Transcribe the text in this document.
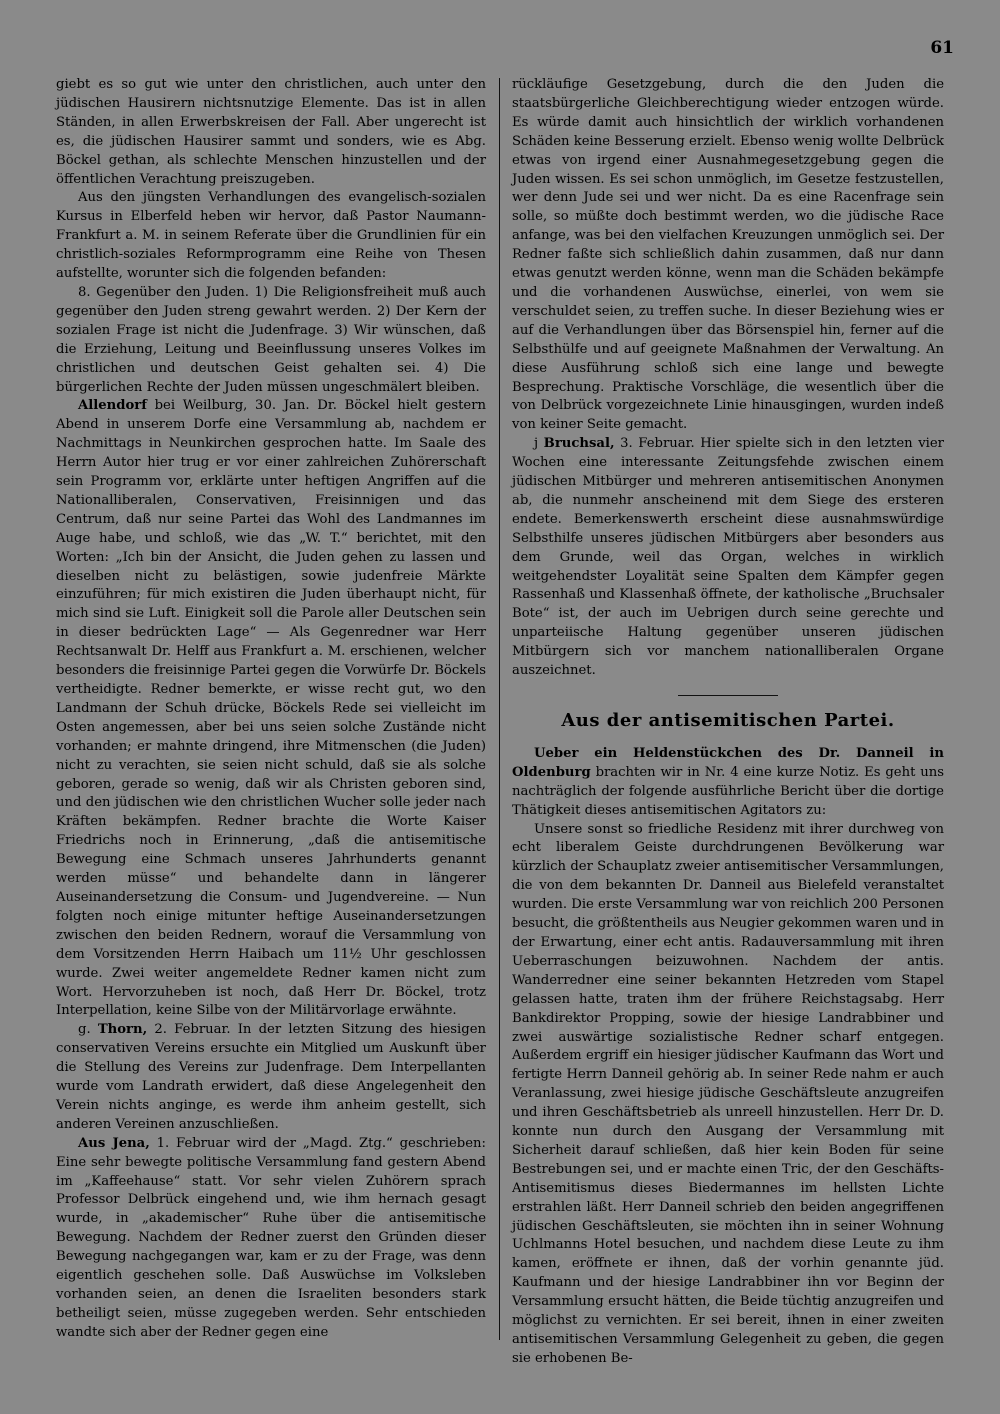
61

giebt es so gut wie unter den christlichen, auch unter den jüdischen Hausirern nichtsnutzige Elemente. Das ist in allen Ständen, in allen Erwerbskreisen der Fall. Aber ungerecht ist es, die jüdischen Hausirer sammt und sonders, wie es Abg. Böckel gethan, als schlechte Menschen hinzustellen und der öffentlichen Verachtung preiszugeben.

Aus den jüngsten Verhandlungen des evangelisch-sozialen Kursus in Elberfeld heben wir hervor, daß Pastor Naumann-Frankfurt a. M. in seinem Referate über die Grundlinien für ein christlich-soziales Reformprogramm eine Reihe von Thesen aufstellte, worunter sich die folgenden befanden:

8. Gegenüber den Juden. 1) Die Religionsfreiheit muß auch gegenüber den Juden streng gewahrt werden. 2) Der Kern der sozialen Frage ist nicht die Judenfrage. 3) Wir wünschen, daß die Erziehung, Leitung und Beeinflussung unseres Volkes im christlichen und deutschen Geist gehalten sei. 4) Die bürgerlichen Rechte der Juden müssen ungeschmälert bleiben.

Allendorf bei Weilburg, 30. Jan. Dr. Böckel hielt gestern Abend in unserem Dorfe eine Versammlung ab, nachdem er Nachmittags in Neunkirchen gesprochen hatte. Im Saale des Herrn Autor hier trug er vor einer zahlreichen Zuhörerschaft sein Programm vor, erklärte unter heftigen Angriffen auf die Nationalliberalen, Conservativen, Freisinnigen und das Centrum, daß nur seine Partei das Wohl des Landmannes im Auge habe, und schloß, wie das „W. T.“ berichtet, mit den Worten: „Ich bin der Ansicht, die Juden gehen zu lassen und dieselben nicht zu belästigen, sowie judenfreie Märkte einzuführen; für mich existiren die Juden überhaupt nicht, für mich sind sie Luft. Einigkeit soll die Parole aller Deutschen sein in dieser bedrückten Lage“ — Als Gegenredner war Herr Rechtsanwalt Dr. Helff aus Frankfurt a. M. erschienen, welcher besonders die freisinnige Partei gegen die Vorwürfe Dr. Böckels vertheidigte. Redner bemerkte, er wisse recht gut, wo den Landmann der Schuh drücke, Böckels Rede sei vielleicht im Osten angemessen, aber bei uns seien solche Zustände nicht vorhanden; er mahnte dringend, ihre Mitmenschen (die Juden) nicht zu verachten, sie seien nicht schuld, daß sie als solche geboren, gerade so wenig, daß wir als Christen geboren sind, und den jüdischen wie den christlichen Wucher solle jeder nach Kräften bekämpfen. Redner brachte die Worte Kaiser Friedrichs noch in Erinnerung, „daß die antisemitische Bewegung eine Schmach unseres Jahrhunderts genannt werden müsse“ und behandelte dann in längerer Auseinandersetzung die Consum- und Jugendvereine. — Nun folgten noch einige mitunter heftige Auseinandersetzungen zwischen den beiden Rednern, worauf die Versammlung von dem Vorsitzenden Herrn Haibach um 11½ Uhr geschlossen wurde. Zwei weiter angemeldete Redner kamen nicht zum Wort. Hervorzuheben ist noch, daß Herr Dr. Böckel, trotz Interpellation, keine Silbe von der Militärvorlage erwähnte.

g. Thorn, 2. Februar. In der letzten Sitzung des hiesigen conservativen Vereins ersuchte ein Mitglied um Auskunft über die Stellung des Vereins zur Judenfrage. Dem Interpellanten wurde vom Landrath erwidert, daß diese Angelegenheit den Verein nichts anginge, es werde ihm anheim gestellt, sich anderen Vereinen anzuschließen.

Aus Jena, 1. Februar wird der „Magd. Ztg.“ geschrieben: Eine sehr bewegte politische Versammlung fand gestern Abend im „Kaffeehause“ statt. Vor sehr vielen Zuhörern sprach Professor Delbrück eingehend und, wie ihm hernach gesagt wurde, in „akademischer“ Ruhe über die antisemitische Bewegung. Nachdem der Redner zuerst den Gründen dieser Bewegung nachgegangen war, kam er zu der Frage, was denn eigentlich geschehen solle. Daß Auswüchse im Volksleben vorhanden seien, an denen die Israeliten besonders stark betheiligt seien, müsse zugegeben werden. Sehr entschieden wandte sich aber der Redner gegen eine

rückläufige Gesetzgebung, durch die den Juden die staatsbürgerliche Gleichberechtigung wieder entzogen würde. Es würde damit auch hinsichtlich der wirklich vorhandenen Schäden keine Besserung erzielt. Ebenso wenig wollte Delbrück etwas von irgend einer Ausnahmegesetzgebung gegen die Juden wissen. Es sei schon unmöglich, im Gesetze festzustellen, wer denn Jude sei und wer nicht. Da es eine Racenfrage sein solle, so müßte doch bestimmt werden, wo die jüdische Race anfange, was bei den vielfachen Kreuzungen unmöglich sei. Der Redner faßte sich schließlich dahin zusammen, daß nur dann etwas genutzt werden könne, wenn man die Schäden bekämpfe und die vorhandenen Auswüchse, einerlei, von wem sie verschuldet seien, zu treffen suche. In dieser Beziehung wies er auf die Verhandlungen über das Börsenspiel hin, ferner auf die Selbsthülfe und auf geeignete Maßnahmen der Verwaltung. An diese Ausführung schloß sich eine lange und bewegte Besprechung. Praktische Vorschläge, die wesentlich über die von Delbrück vorgezeichnete Linie hinausgingen, wurden indeß von keiner Seite gemacht.

j Bruchsal, 3. Februar. Hier spielte sich in den letzten vier Wochen eine interessante Zeitungsfehde zwischen einem jüdischen Mitbürger und mehreren antisemitischen Anonymen ab, die nunmehr anscheinend mit dem Siege des ersteren endete. Bemerkenswerth erscheint diese ausnahmswürdige Selbsthilfe unseres jüdischen Mitbürgers aber besonders aus dem Grunde, weil das Organ, welches in wirklich weitgehendster Loyalität seine Spalten dem Kämpfer gegen Rassenhaß und Klassenhaß öffnete, der katholische „Bruchsaler Bote“ ist, der auch im Uebrigen durch seine gerechte und unparteiische Haltung gegenüber unseren jüdischen Mitbürgern sich vor manchem nationalliberalen Organe auszeichnet.

Aus der antisemitischen Partei.

Ueber ein Heldenstückchen des Dr. Danneil in Oldenburg brachten wir in Nr. 4 eine kurze Notiz. Es geht uns nachträglich der folgende ausführliche Bericht über die dortige Thätigkeit dieses antisemitischen Agitators zu:

Unsere sonst so friedliche Residenz mit ihrer durchweg von echt liberalem Geiste durchdrungenen Bevölkerung war kürzlich der Schauplatz zweier antisemitischer Versammlungen, die von dem bekannten Dr. Danneil aus Bielefeld veranstaltet wurden. Die erste Versammlung war von reichlich 200 Personen besucht, die größtentheils aus Neugier gekommen waren und in der Erwartung, einer echt antis. Radauversammlung mit ihren Ueberraschungen beizuwohnen. Nachdem der antis. Wanderredner eine seiner bekannten Hetzreden vom Stapel gelassen hatte, traten ihm der frühere Reichstagsabg. Herr Bankdirektor Propping, sowie der hiesige Landrabbiner und zwei auswärtige sozialistische Redner scharf entgegen. Außerdem ergriff ein hiesiger jüdischer Kaufmann das Wort und fertigte Herrn Danneil gehörig ab. In seiner Rede nahm er auch Veranlassung, zwei hiesige jüdische Geschäftsleute anzugreifen und ihren Geschäftsbetrieb als unreell hinzustellen. Herr Dr. D. konnte nun durch den Ausgang der Versammlung mit Sicherheit darauf schließen, daß hier kein Boden für seine Bestrebungen sei, und er machte einen Tric, der den Geschäfts-Antisemitismus dieses Biedermannes im hellsten Lichte erstrahlen läßt. Herr Danneil schrieb den beiden angegriffenen jüdischen Geschäftsleuten, sie möchten ihn in seiner Wohnung Uchlmanns Hotel besuchen, und nachdem diese Leute zu ihm kamen, eröffnete er ihnen, daß der vorhin genannte jüd. Kaufmann und der hiesige Landrabbiner ihn vor Beginn der Versammlung ersucht hätten, die Beide tüchtig anzugreifen und möglichst zu vernichten. Er sei bereit, ihnen in einer zweiten antisemitischen Versammlung Gelegenheit zu geben, die gegen sie erhobenen Be-
